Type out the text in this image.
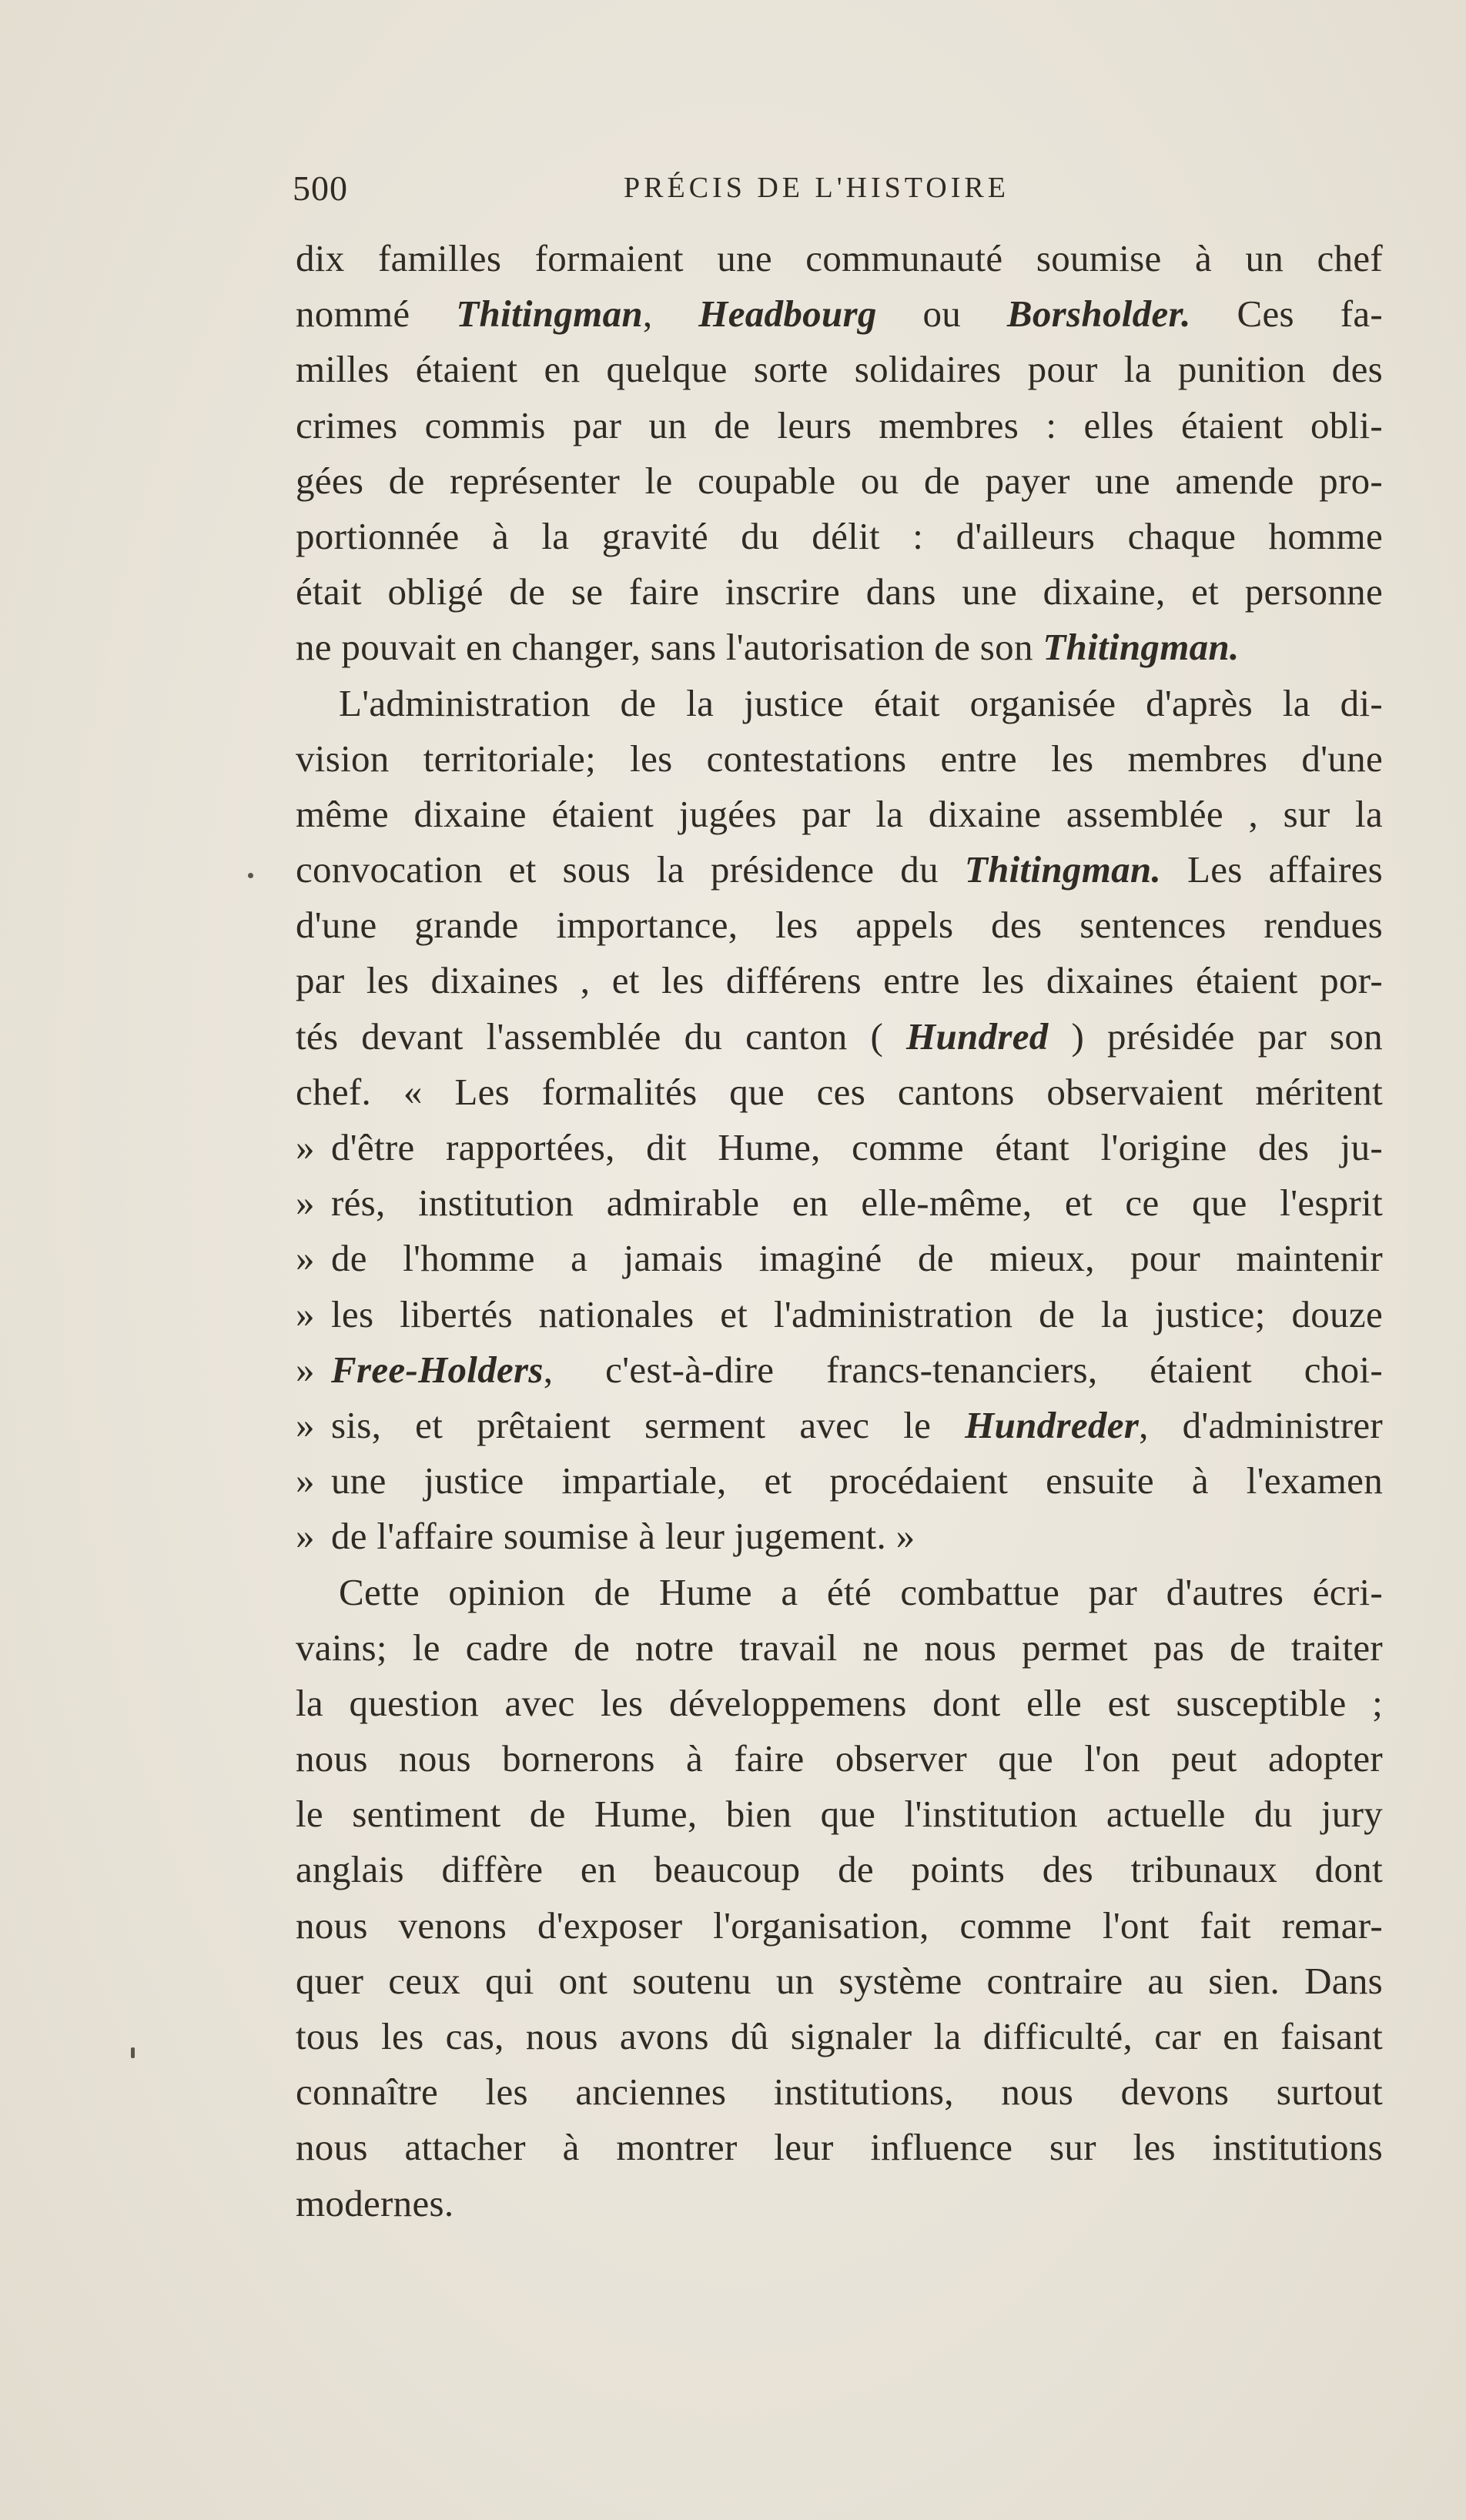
500	PRÉCIS DE L'HISTOIRE
dix familles formaient une communauté soumise à un chef
nommé Thitingman, Headbourg ou Borsholder. Ces fa-
milles étaient en quelque sorte solidaires pour la punition des
crimes commis par un de leurs membres : elles étaient obli-
gées de représenter le coupable ou de payer une amende pro-
portionnée à la gravité du délit : d'ailleurs chaque homme
était obligé de se faire inscrire dans une dixaine, et personne
ne pouvait en changer, sans l'autorisation de son Thitingman.
L'administration de la justice était organisée d'après la di-
vision territoriale; les contestations entre les membres d'une
même dixaine étaient jugées par la dixaine assemblée , sur la
convocation et sous la présidence du Thitingman. Les affaires
d'une grande importance, les appels des sentences rendues
par les dixaines , et les différens entre les dixaines étaient por-
tés devant l'assemblée du canton ( Hundred ) présidée par son
chef. « Les formalités que ces cantons observaient méritent
» d'être rapportées, dit Hume, comme étant l'origine des ju-
» rés, institution admirable en elle-même, et ce que l'esprit
» de l'homme a jamais imaginé de mieux, pour maintenir
» les libertés nationales et l'administration de la justice; douze
» Free-Holders, c'est-à-dire francs-tenanciers, étaient choi-
» sis, et prêtaient serment avec le Hundreder, d'administrer
» une justice impartiale, et procédaient ensuite à l'examen
» de l'affaire soumise à leur jugement. »
Cette opinion de Hume a été combattue par d'autres écri-
vains; le cadre de notre travail ne nous permet pas de traiter
la question avec les développemens dont elle est susceptible ;
nous nous bornerons à faire observer que l'on peut adopter
le sentiment de Hume, bien que l'institution actuelle du jury
anglais diffère en beaucoup de points des tribunaux dont
nous venons d'exposer l'organisation, comme l'ont fait remar-
quer ceux qui ont soutenu un système contraire au sien. Dans
tous les cas, nous avons dû signaler la difficulté, car en faisant
connaître les anciennes institutions, nous devons surtout
nous attacher à montrer leur influence sur les institutions
modernes.
